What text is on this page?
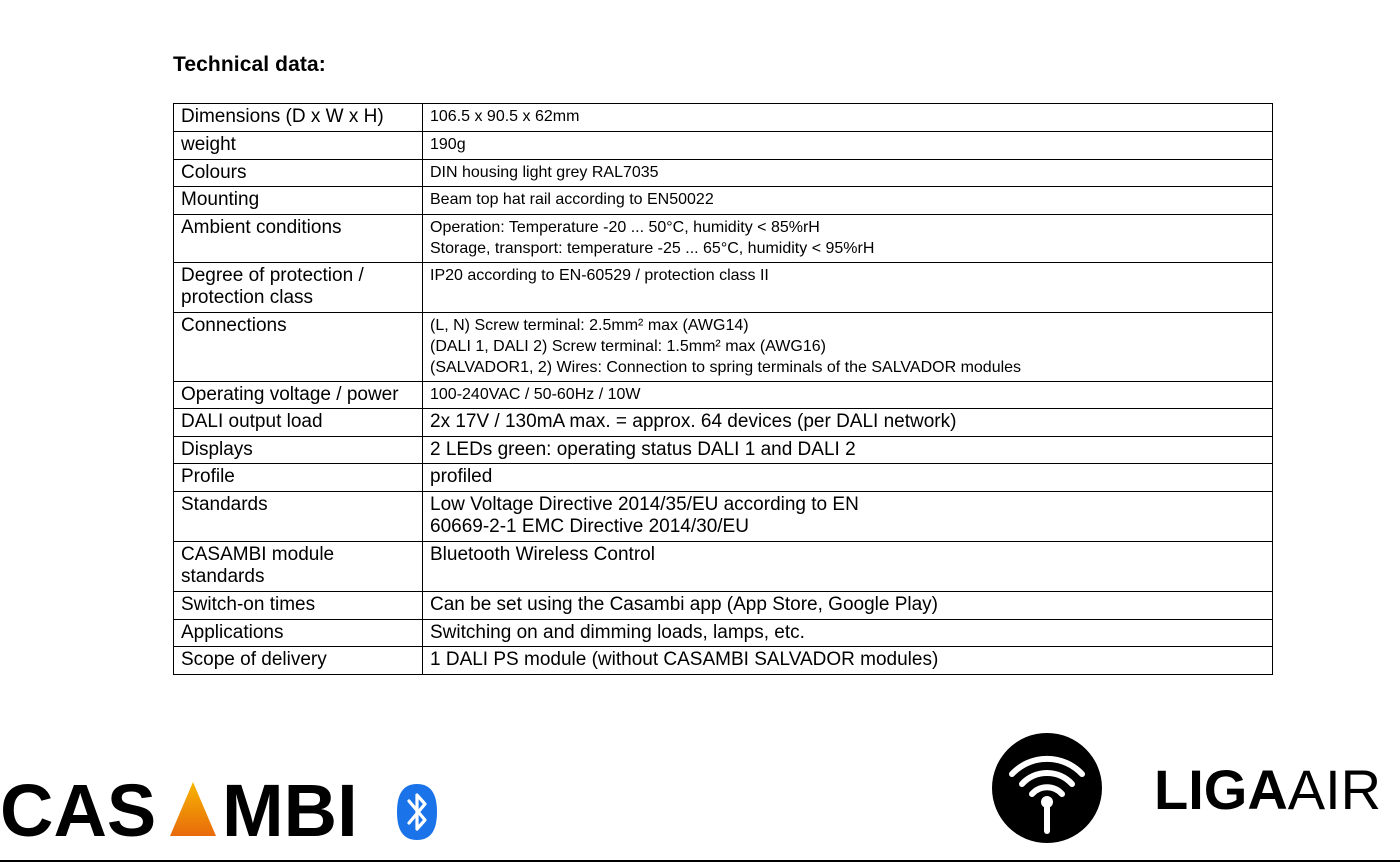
Technical data:
Dimensions (D x W x H)	106.5 x 90.5 x 62mm

weight	190g

Colours	DIN housing light grey RAL7035

Mounting	Beam top hat rail according to EN50022

Ambient conditions	Operation: Temperature -20 ... 50°C, humidity < 85%rH
Storage, transport: temperature -25 ... 65°C, humidity < 95%rH

Degree of protection /
protection class	IP20 according to EN-60529 / protection class II

Connections	(L, N) Screw terminal: 2.5mm² max (AWG14)
(DALI 1, DALI 2) Screw terminal: 1.5mm² max (AWG16)
(SALVADOR1, 2) Wires: Connection to spring terminals of the SALVADOR modules

Operating voltage / power	100-240VAC / 50-60Hz / 10W

DALI output load	2x 17V / 130mA max. = approx. 64 devices (per DALI network)

Displays	2 LEDs green: operating status DALI 1 and DALI 2

Profile	profiled

Standards	Low Voltage Directive 2014/35/EU according to EN
60669-2-1 EMC Directive 2014/30/EU

CASAMBI module
standards	Bluetooth Wireless Control

Switch-on times	Can be set using the Casambi app (App Store, Google Play)

Applications	Switching on and dimming loads, lamps, etc.

Scope of delivery	1 DALI PS module (without CASAMBI SALVADOR modules)
CAS MBI	LIGAAIR
